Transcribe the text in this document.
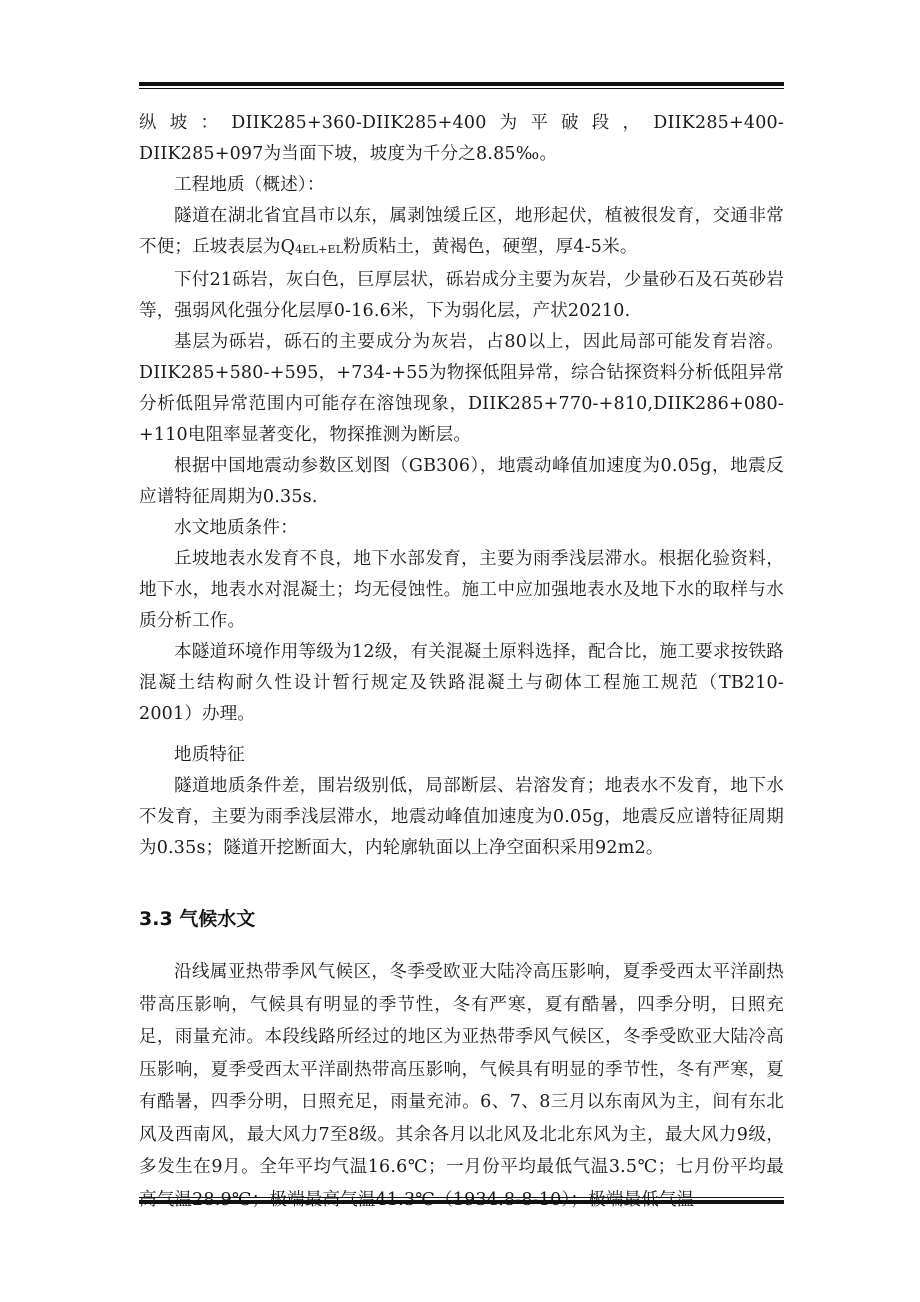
纵坡：DIIK285+360-DIIK285+400为平破段，DIIK285+400-DIIK285+097为当面下坡，坡度为千分之8.85‰。

工程地质（概述）：

隧道在湖北省宜昌市以东，属剥蚀缓丘区，地形起伏，植被很发育，交通非常不便；丘坡表层为Q4EL+EL粉质粘土，黄褐色，硬塑，厚4-5米。

下付21砾岩，灰白色，巨厚层状，砾岩成分主要为灰岩，少量砂石及石英砂岩等，强弱风化强分化层厚0-16.6米，下为弱化层，产状20210.

基层为砾岩，砾石的主要成分为灰岩，占80以上，因此局部可能发育岩溶。DIIK285+580-+595，+734-+55为物探低阻异常，综合钻探资料分析低阻异常分析低阻异常范围内可能存在溶蚀现象，DIIK285+770-+810,DIIK286+080-+110电阻率显著变化，物探推测为断层。

根据中国地震动参数区划图（GB306），地震动峰值加速度为0.05g，地震反应谱特征周期为0.35s.

水文地质条件：

丘坡地表水发育不良，地下水部发育，主要为雨季浅层滞水。根据化验资料，地下水，地表水对混凝土；均无侵蚀性。施工中应加强地表水及地下水的取样与水质分析工作。

本隧道环境作用等级为12级，有关混凝土原料选择，配合比，施工要求按铁路混凝土结构耐久性设计暂行规定及铁路混凝土与砌体工程施工规范（TB210-2001）办理。

地质特征

隧道地质条件差，围岩级别低，局部断层、岩溶发育；地表水不发育，地下水不发育，主要为雨季浅层滞水，地震动峰值加速度为0.05g，地震反应谱特征周期为0.35s；隧道开挖断面大，内轮廓轨面以上净空面积采用92m2。

3.3 气候水文

沿线属亚热带季风气候区，冬季受欧亚大陆冷高压影响，夏季受西太平洋副热带高压影响，气候具有明显的季节性，冬有严寒，夏有酷暑，四季分明，日照充足，雨量充沛。本段线路所经过的地区为亚热带季风气候区，冬季受欧亚大陆冷高压影响，夏季受西太平洋副热带高压影响，气候具有明显的季节性，冬有严寒，夏有酷暑，四季分明，日照充足，雨量充沛。6、7、8三月以东南风为主，间有东北风及西南风，最大风力7至8级。其余各月以北风及北北东风为主，最大风力9级，多发生在9月。全年平均气温16.6℃；一月份平均最低气温3.5℃；七月份平均最
